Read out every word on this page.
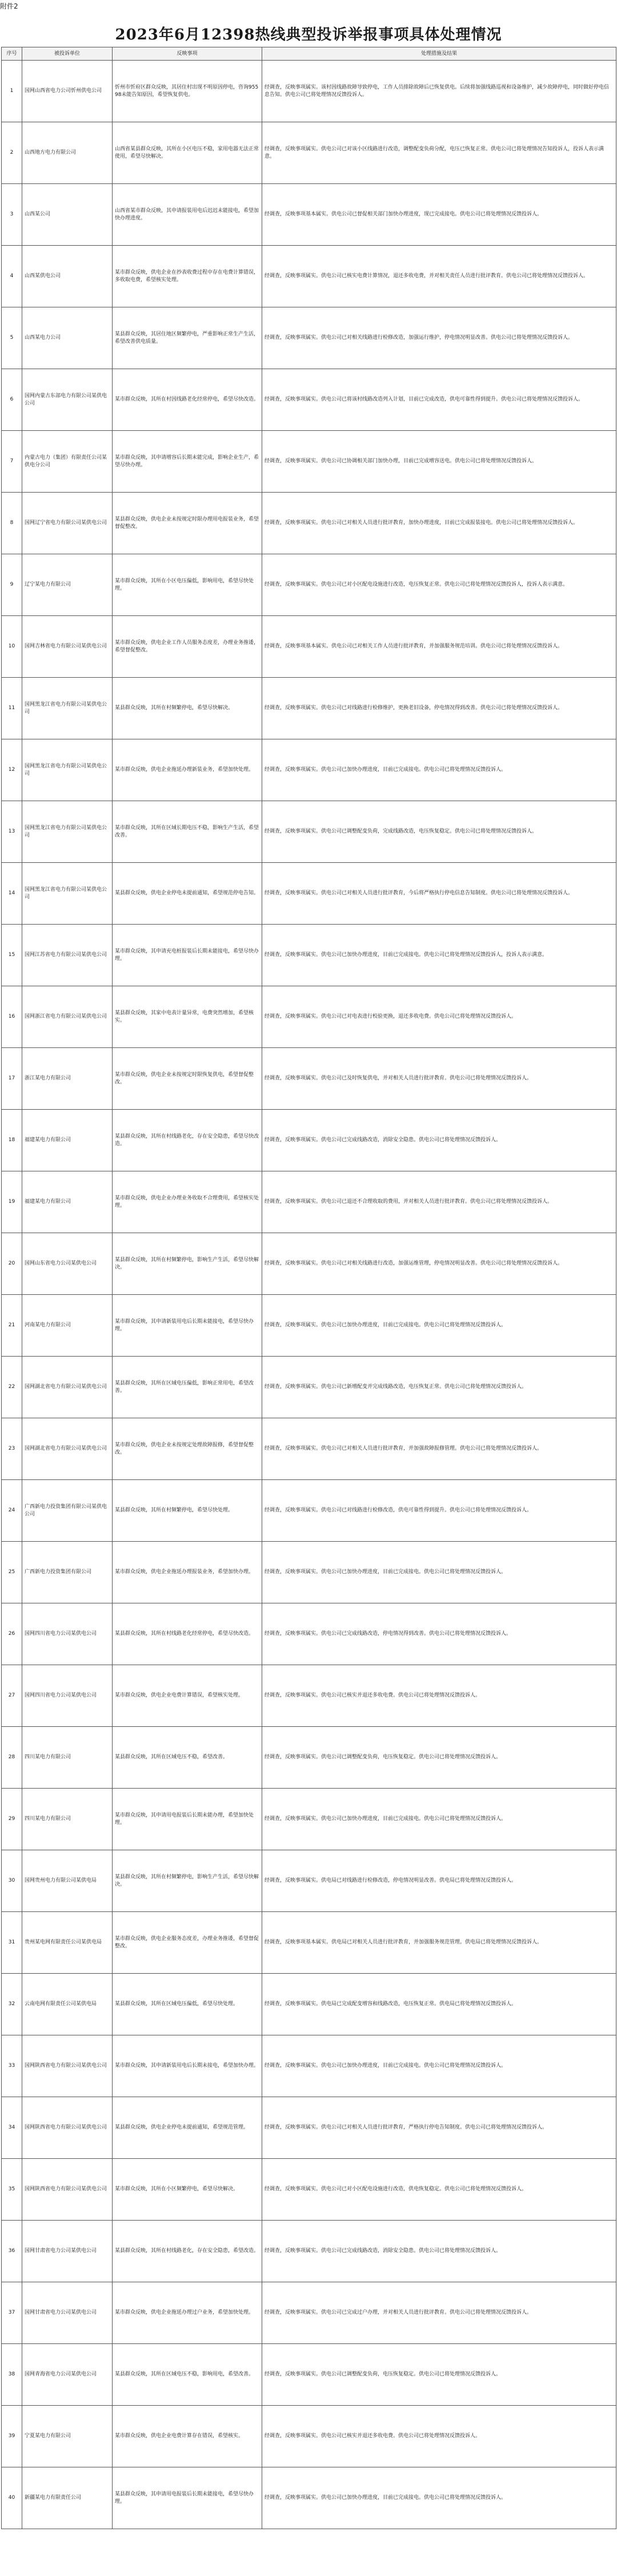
附件2
2023年6月12398热线典型投诉举报事项具体处理情况
序号	被投诉单位	反映事项	处理措施及结果
1	国网山西省电力公司忻州供电公司	忻州市忻府区群众反映，其居住村出现不明原因停电，咨询95598未能告知原因，希望恢复供电。	经调查，反映事项属实。该村因线路故障导致停电，工作人员排除故障后已恢复供电。后续将加强线路巡视和设备维护，减少故障停电，同时做好停电信息告知。供电公司已将处理情况反馈投诉人。
2	山西地方电力有限公司	山西省某县群众反映，其所在小区电压不稳，家用电器无法正常使用，希望尽快解决。	经调查，反映事项属实。供电公司已对该小区线路进行改造，调整配变负荷分配，电压已恢复正常。供电公司已将处理情况告知投诉人，投诉人表示满意。
3	山西某公司	山西省某市群众反映，其申请报装用电后迟迟未能接电，希望加快办理进度。	经调查，反映事项基本属实。供电公司已督促相关部门加快办理进度，现已完成接电。供电公司已将处理情况反馈投诉人。
4	山西某供电公司	某市群众反映，供电企业在抄表收费过程中存在电费计算错误，多收取电费，希望核实处理。	经调查，反映事项属实。供电公司已核实电费计算情况，退还多收电费，并对相关责任人员进行批评教育。供电公司已将处理情况反馈投诉人。
5	山西某电力公司	某县群众反映，其居住地区频繁停电，严重影响正常生产生活，希望改善供电质量。	经调查，反映事项属实。供电公司已对相关线路进行检修改造，加强运行维护，停电情况明显改善。供电公司已将处理情况反馈投诉人。
6	国网内蒙古东部电力有限公司某供电公司	某市群众反映，其所在村因线路老化经常停电，希望尽快改造。	经调查，反映事项属实。供电公司已将该村线路改造列入计划，目前已完成改造，供电可靠性得到提升。供电公司已将处理情况反馈投诉人。
7	内蒙古电力（集团）有限责任公司某供电分公司	某市群众反映，其申请增容后长期未能完成，影响企业生产，希望尽快办理。	经调查，反映事项属实。供电公司已协调相关部门加快办理，目前已完成增容送电。供电公司已将处理情况反馈投诉人。
8	国网辽宁省电力有限公司某供电公司	某县群众反映，供电企业未按规定时限办理用电报装业务，希望督促整改。	经调查，反映事项属实。供电公司已对相关人员进行批评教育，加快办理进度，目前已完成报装接电。供电公司已将处理情况反馈投诉人。
9	辽宁某电力有限公司	某市群众反映，其所在小区电压偏低，影响用电，希望尽快处理。	经调查，反映事项属实。供电公司已对小区配电设施进行改造，电压恢复正常。供电公司已将处理情况反馈投诉人，投诉人表示满意。
10	国网吉林省电力有限公司某供电公司	某市群众反映，供电企业工作人员服务态度差，办理业务推诿，希望督促整改。	经调查，反映事项基本属实。供电公司已对相关工作人员进行批评教育，并加强服务规范培训。供电公司已将处理情况反馈投诉人。
11	国网黑龙江省电力有限公司某供电公司	某县群众反映，其所在村频繁停电，希望尽快解决。	经调查，反映事项属实。供电公司已对线路进行检修维护，更换老旧设备，停电情况得到改善。供电公司已将处理情况反馈投诉人。
12	国网黑龙江省电力有限公司某供电公司	某市群众反映，供电企业拖延办理新装业务，希望加快处理。	经调查，反映事项属实。供电公司已加快办理进度，目前已完成接电。供电公司已将处理情况反馈投诉人。
13	国网黑龙江省电力有限公司某供电公司	某市群众反映，其所在区域长期电压不稳，影响生产生活，希望改善。	经调查，反映事项属实。供电公司已调整配变负荷，完成线路改造，电压恢复稳定。供电公司已将处理情况反馈投诉人。
14	国网黑龙江省电力有限公司某供电公司	某县群众反映，供电企业停电未提前通知，希望规范停电告知。	经调查，反映事项属实。供电公司已对相关人员进行批评教育，今后将严格执行停电信息告知制度。供电公司已将处理情况反馈投诉人。
15	国网江苏省电力有限公司某供电公司	某市群众反映，其申请充电桩报装后长期未能接电，希望尽快办理。	经调查，反映事项属实。供电公司已加快办理进度，目前已完成接电。供电公司已将处理情况反馈投诉人，投诉人表示满意。
16	国网浙江省电力有限公司某供电公司	某县群众反映，其家中电表计量异常，电费突然增加，希望核实。	经调查，反映事项属实。供电公司已对电表进行校验更换，退还多收电费。供电公司已将处理情况反馈投诉人。
17	浙江某电力有限公司	某市群众反映，供电企业未按规定时限恢复供电，希望督促整改。	经调查，反映事项属实。供电公司已及时恢复供电，并对相关人员进行批评教育。供电公司已将处理情况反馈投诉人。
18	福建某电力有限公司	某县群众反映，其所在村线路老化，存在安全隐患，希望尽快改造。	经调查，反映事项属实。供电公司已完成线路改造，消除安全隐患。供电公司已将处理情况反馈投诉人。
19	福建某电力有限公司	某市群众反映，供电企业办理业务收取不合理费用，希望核实处理。	经调查，反映事项属实。供电公司已退还不合理收取的费用，并对相关人员进行批评教育。供电公司已将处理情况反馈投诉人。
20	国网山东省电力公司某供电公司	某县群众反映，其所在村频繁停电，影响生产生活，希望尽快解决。	经调查，反映事项属实。供电公司已对相关线路进行改造，加强运维管理，停电情况明显改善。供电公司已将处理情况反馈投诉人。
21	河南某电力有限公司	某市群众反映，其申请新装用电后长期未能接电，希望尽快办理。	经调查，反映事项属实。供电公司已加快办理进度，目前已完成接电。供电公司已将处理情况反馈投诉人。
22	国网湖北省电力有限公司某供电公司	某县群众反映，其所在区域电压偏低，影响正常用电，希望改善。	经调查，反映事项属实。供电公司已新增配变并完成线路改造，电压恢复正常。供电公司已将处理情况反馈投诉人。
23	国网湖北省电力有限公司某供电公司	某市群众反映，供电企业未按规定处理故障报修，希望督促整改。	经调查，反映事项属实。供电公司已对相关人员进行批评教育，并加强故障报修管理。供电公司已将处理情况反馈投诉人。
24	广西新电力投资集团有限公司某供电公司	某县群众反映，其所在村频繁停电，希望尽快处理。	经调查，反映事项属实。供电公司已对线路进行检修改造，供电可靠性得到提升。供电公司已将处理情况反馈投诉人。
25	广西新电力投资集团有限公司	某市群众反映，供电企业拖延办理报装业务，希望加快办理。	经调查，反映事项属实。供电公司已加快办理进度，目前已完成接电。供电公司已将处理情况反馈投诉人。
26	国网四川省电力公司某供电公司	某县群众反映，其所在村线路老化经常停电，希望尽快改造。	经调查，反映事项属实。供电公司已完成线路改造，停电情况得到改善。供电公司已将处理情况反馈投诉人。
27	国网四川省电力公司某供电公司	某市群众反映，供电企业电费计算错误，希望核实处理。	经调查，反映事项属实。供电公司已核实并退还多收电费。供电公司已将处理情况反馈投诉人。
28	四川某电力有限公司	某县群众反映，其所在区域电压不稳，希望改善。	经调查，反映事项属实。供电公司已调整配变负荷，电压恢复稳定。供电公司已将处理情况反馈投诉人。
29	四川某电力有限公司	某市群众反映，其申请用电报装后长期未能办理，希望加快处理。	经调查，反映事项属实。供电公司已加快办理进度，目前已完成接电。供电公司已将处理情况反馈投诉人。
30	国网贵州电力有限公司某供电局	某县群众反映，其所在村频繁停电，影响生产生活，希望尽快解决。	经调查，反映事项属实。供电局已对线路进行检修改造，停电情况明显改善。供电局已将处理情况反馈投诉人。
31	贵州某电网有限责任公司某供电局	某市群众反映，供电企业服务态度差，办理业务推诿，希望督促整改。	经调查，反映事项基本属实。供电局已对相关人员进行批评教育，并加强服务规范管理。供电局已将处理情况反馈投诉人。
32	云南电网有限责任公司某供电局	某县群众反映，其所在区域电压偏低，希望尽快处理。	经调查，反映事项属实。供电局已完成配变增容和线路改造，电压恢复正常。供电局已将处理情况反馈投诉人。
33	国网陕西省电力有限公司某供电公司	某市群众反映，其申请新装用电后长期未接电，希望加快办理。	经调查，反映事项属实。供电公司已加快办理进度，目前已完成接电。供电公司已将处理情况反馈投诉人。
34	国网陕西省电力有限公司某供电公司	某县群众反映，供电企业停电未提前通知，希望规范管理。	经调查，反映事项属实。供电公司已对相关人员进行批评教育，严格执行停电告知制度。供电公司已将处理情况反馈投诉人。
35	国网陕西省电力有限公司某供电公司	某市群众反映，其所在小区频繁停电，希望尽快解决。	经调查，反映事项属实。供电公司已对小区配电设施进行改造，供电恢复稳定。供电公司已将处理情况反馈投诉人。
36	国网甘肃省电力公司某供电公司	某县群众反映，其所在村线路老化，存在安全隐患，希望改造。	经调查，反映事项属实。供电公司已完成线路改造，消除安全隐患。供电公司已将处理情况反馈投诉人。
37	国网甘肃省电力公司某供电公司	某市群众反映，供电企业拖延办理过户业务，希望加快处理。	经调查，反映事项属实。供电公司已完成过户办理，并对相关人员进行批评教育。供电公司已将处理情况反馈投诉人。
38	国网青海省电力公司某供电公司	某县群众反映，其所在区域电压不稳，影响用电，希望改善。	经调查，反映事项属实。供电公司已调整配变负荷，电压恢复稳定。供电公司已将处理情况反馈投诉人。
39	宁夏某电力有限公司	某市群众反映，供电企业电费计算存在错误，希望核实。	经调查，反映事项属实。供电公司已核实并退还多收电费。供电公司已将处理情况反馈投诉人。
40	新疆某电力有限责任公司	某县群众反映，其申请用电报装后长期未能接电，希望尽快办理。	经调查，反映事项属实。供电公司已加快办理进度，目前已完成接电。供电公司已将处理情况反馈投诉人。
